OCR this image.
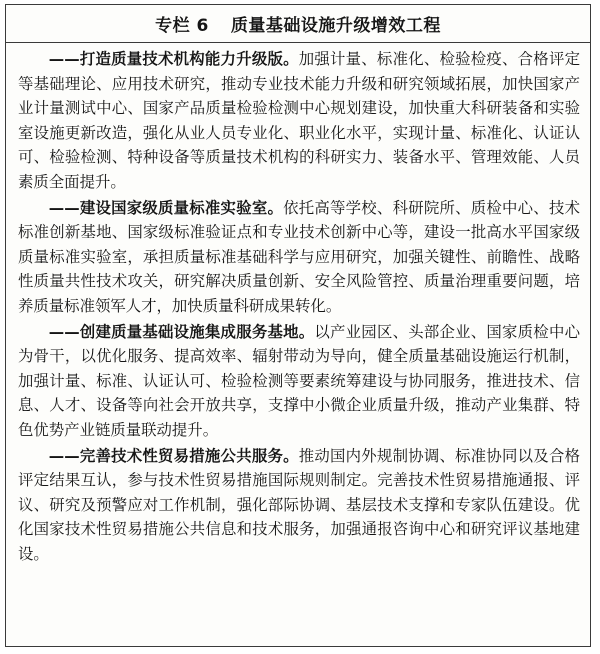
专栏 6 质量基础设施升级增效工程

——打造质量技术机构能力升级版。加强计量、标准化、检验检疫、合格评定等基础理论、应用技术研究，推动专业技术能力升级和研究领域拓展，加快国家产业计量测试中心、国家产品质量检验检测中心规划建设，加快重大科研装备和实验室设施更新改造，强化从业人员专业化、职业化水平，实现计量、标准化、认证认可、检验检测、特种设备等质量技术机构的科研实力、装备水平、管理效能、人员素质全面提升。

——建设国家级质量标准实验室。依托高等学校、科研院所、质检中心、技术标准创新基地、国家级标准验证点和专业技术创新中心等，建设一批高水平国家级质量标准实验室，承担质量标准基础科学与应用研究，加强关键性、前瞻性、战略性质量共性技术攻关，研究解决质量创新、安全风险管控、质量治理重要问题，培养质量标准领军人才，加快质量科研成果转化。

——创建质量基础设施集成服务基地。以产业园区、头部企业、国家质检中心为骨干，以优化服务、提高效率、辐射带动为导向，健全质量基础设施运行机制，加强计量、标准、认证认可、检验检测等要素统筹建设与协同服务，推进技术、信息、人才、设备等向社会开放共享，支撑中小微企业质量升级，推动产业集群、特色优势产业链质量联动提升。

——完善技术性贸易措施公共服务。推动国内外规制协调、标准协同以及合格评定结果互认，参与技术性贸易措施国际规则制定。完善技术性贸易措施通报、评议、研究及预警应对工作机制，强化部际协调、基层技术支撑和专家队伍建设。优化国家技术性贸易措施公共信息和技术服务，加强通报咨询中心和研究评议基地建设。
